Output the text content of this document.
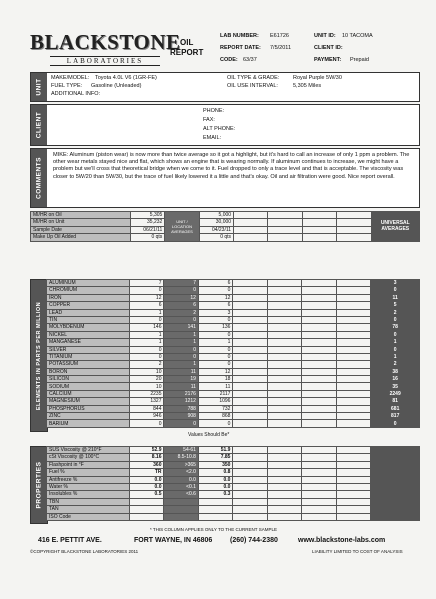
BLACKSTONE
LABORATORIES
OIL
REPORT
LAB NUMBER: E61726
REPORT DATE: 7/5/2011
CODE: 63/37
UNIT ID: 10 TACOMA
CLIENT ID:
PAYMENT: Prepaid
UNIT
MAKE/MODEL: Toyota 4.0L V6 (1GR-FE)
FUEL TYPE: Gasoline (Unleaded)
ADDITIONAL INFO:
OIL TYPE & GRADE: Royal Purple 5W/30
OIL USE INTERVAL:	5,305 Miles
CLIENT
PHONE:
FAX:
ALT PHONE:
EMAIL:
COMMENTS
MIKE: Aluminum (piston wear) is now more than twice average so it got a highlight, but it's hard to call an increase of only 1 ppm a problem. The other wear metals stayed nice and flat, which shows an engine that is wearing normally. If aluminum continues to increase, we might have a problem but we'll cross that theoretical bridge when we come to it. Fuel dropped to only a trace level and that is acceptable. The viscosity was closer to 5W/20 than 5W/30, but the trace of fuel likely lowered it a little and that's okay. Oil and air filtration were good. Nice report overall.
MI/HR on Oil	5,305	UNIT / LOCATION AVERAGES	5,000					UNIVERSAL AVERAGES
MI/HR on Unit	35,232		30,000					
Sample Date	06/21/11		04/23/11					
Make Up Oil Added	0 qts		0 qts					
ELEMENTS IN PARTS PER MILLION
ALUMINUM	7	7	6					3
CHROMIUM	0	0	0					0
IRON	12	12	12					11
COPPER	6	6	6					5
LEAD	1	2	3					2
TIN	0	0	0					0
MOLYBDENUM	146	141	136					78
NICKEL	1	1	0					0
MANGANESE	1	1	1					1
SILVER	0	0	0					0
TITANIUM	0	0	0					1
POTASSIUM	2	1	0					2
BORON	10	11	12					38
SILICON	20	19	18					16
SODIUM	10	11	11					35
CALCIUM	2235	2176	2117					2249
MAGNESIUM	1327	1212	1096					81
PHOSPHORUS	844	788	732					681
ZINC	946	908	868					817
BARIUM	0	0	0					0
Values Should Be*
PROPERTIES
SUS Viscosity @ 210°F	52.9	54-61	51.9					
cSt Viscosity @ 100°C	8.16	8.5-10.8	7.85					
Flashpoint in °F	360	>365	350					
Fuel %	TR	<2.0	0.8					
Antifreeze %	0.0	0.0	0.0					
Water %	0.0	<0.1	0.0					
Insolubles %	0.5	<0.6	0.3					
TBN								
TAN								
ISO Code								
* THIS COLUMN APPLIES ONLY TO THE CURRENT SAMPLE
416 E. PETTIT AVE.	FORT WAYNE, IN 46806	(260) 744-2380	www.blackstone-labs.com
©COPYRIGHT BLACKSTONE LABORATORIES 2011	LIABILITY LIMITED TO COST OF ANALYSIS
